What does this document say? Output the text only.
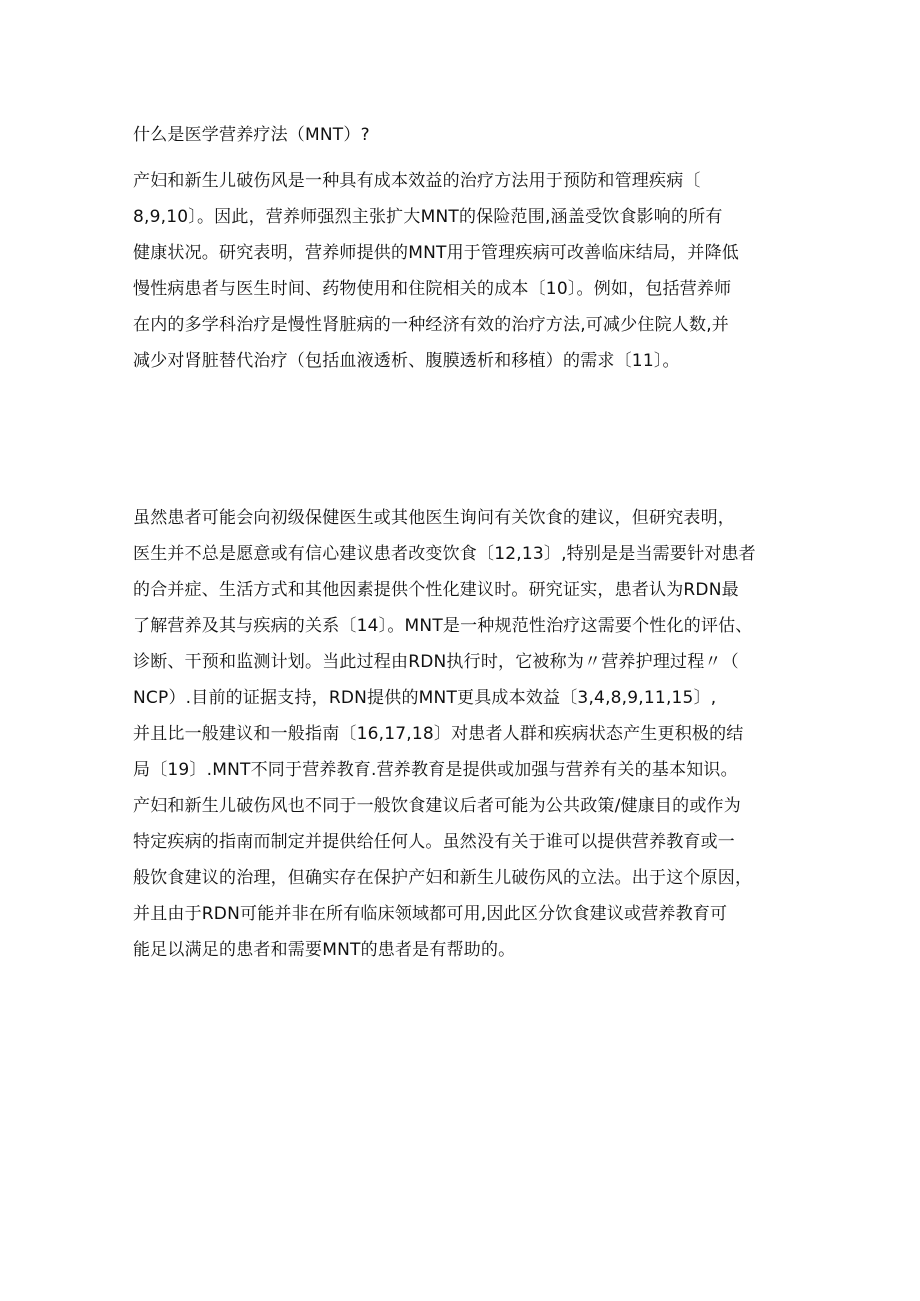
什么是医学营养疗法（MNT）?
产妇和新生儿破伤风是一种具有成本效益的治疗方法用于预防和管理疾病〔
8,9,10〕。因此，营养师强烈主张扩大MNT的保险范围,涵盖受饮食影响的所有
健康状况。研究表明，营养师提供的MNT用于管理疾病可改善临床结局，并降低
慢性病患者与医生时间、药物使用和住院相关的成本〔10〕。例如，包括营养师
在内的多学科治疗是慢性肾脏病的一种经济有效的治疗方法,可减少住院人数,并
减少对肾脏替代治疗（包括血液透析、腹膜透析和移植）的需求〔11〕。
虽然患者可能会向初级保健医生或其他医生询问有关饮食的建议，但研究表明，
医生并不总是愿意或有信心建议患者改变饮食〔12,13〕,特别是是当需要针对患者
的合并症、生活方式和其他因素提供个性化建议时。研究证实，患者认为RDN最
了解营养及其与疾病的关系〔14〕。MNT是一种规范性治疗这需要个性化的评估、
诊断、干预和监测计划。当此过程由RDN执行时，它被称为〃营养护理过程〃（
NCP）.目前的证据支持，RDN提供的MNT更具成本效益〔3,4,8,9,11,15〕,
并且比一般建议和一般指南〔16,17,18〕对患者人群和疾病状态产生更积极的结
局〔19〕.MNT不同于营养教育.营养教育是提供或加强与营养有关的基本知识。
产妇和新生儿破伤风也不同于一般饮食建议后者可能为公共政策/健康目的或作为
特定疾病的指南而制定并提供给任何人。虽然没有关于谁可以提供营养教育或一
般饮食建议的治理，但确实存在保护产妇和新生儿破伤风的立法。出于这个原因，
并且由于RDN可能并非在所有临床领域都可用,因此区分饮食建议或营养教育可
能足以满足的患者和需要MNT的患者是有帮助的。
